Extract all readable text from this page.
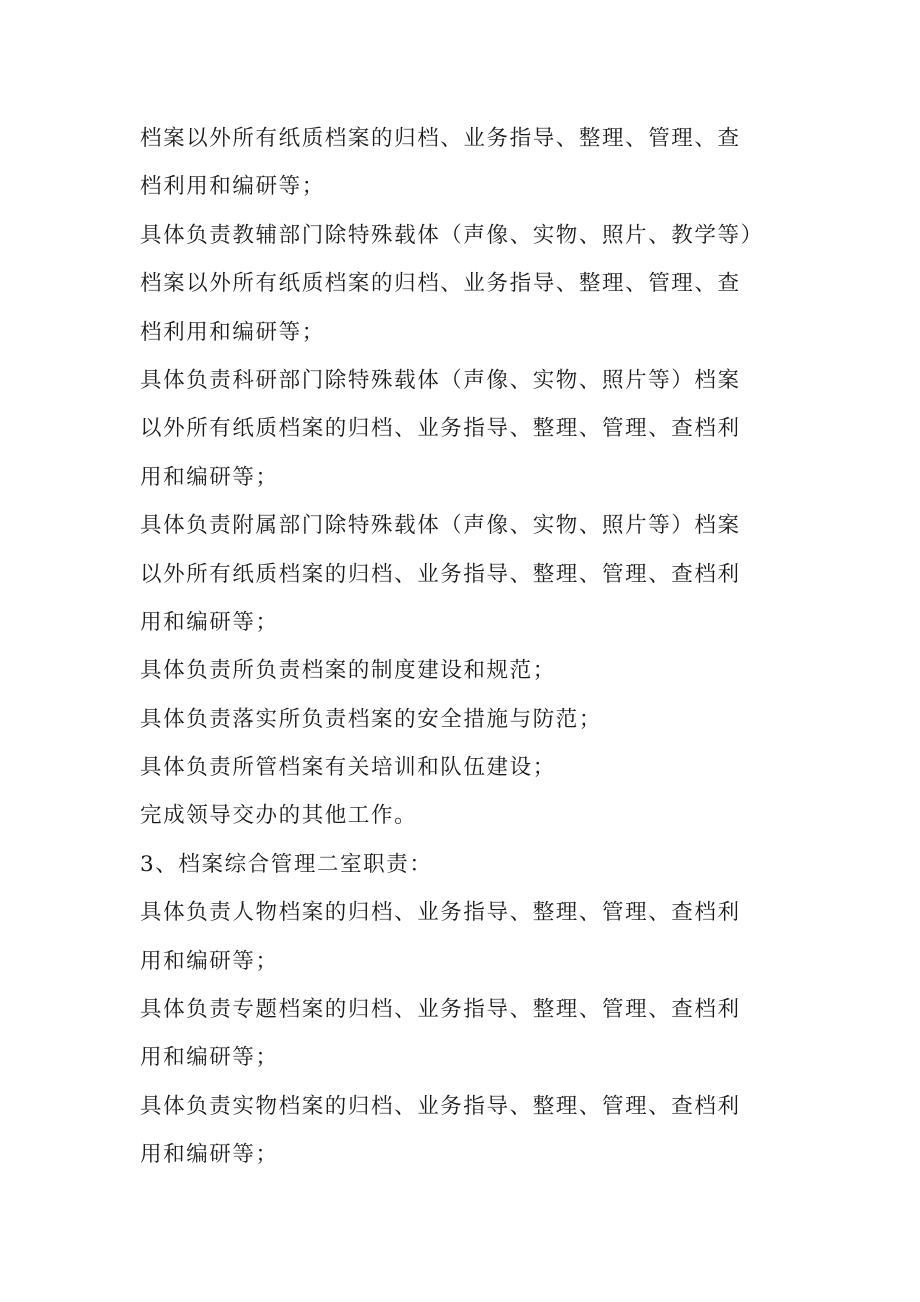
档案以外所有纸质档案的归档、业务指导、整理、管理、查
档利用和编研等；
具体负责教辅部门除特殊载体（声像、实物、照片、教学等）
档案以外所有纸质档案的归档、业务指导、整理、管理、查
档利用和编研等；
具体负责科研部门除特殊载体（声像、实物、照片等）档案
以外所有纸质档案的归档、业务指导、整理、管理、查档利
用和编研等；
具体负责附属部门除特殊载体（声像、实物、照片等）档案
以外所有纸质档案的归档、业务指导、整理、管理、查档利
用和编研等；
具体负责所负责档案的制度建设和规范；
具体负责落实所负责档案的安全措施与防范；
具体负责所管档案有关培训和队伍建设；
完成领导交办的其他工作。
3、档案综合管理二室职责：
具体负责人物档案的归档、业务指导、整理、管理、查档利
用和编研等；
具体负责专题档案的归档、业务指导、整理、管理、查档利
用和编研等；
具体负责实物档案的归档、业务指导、整理、管理、查档利
用和编研等；
